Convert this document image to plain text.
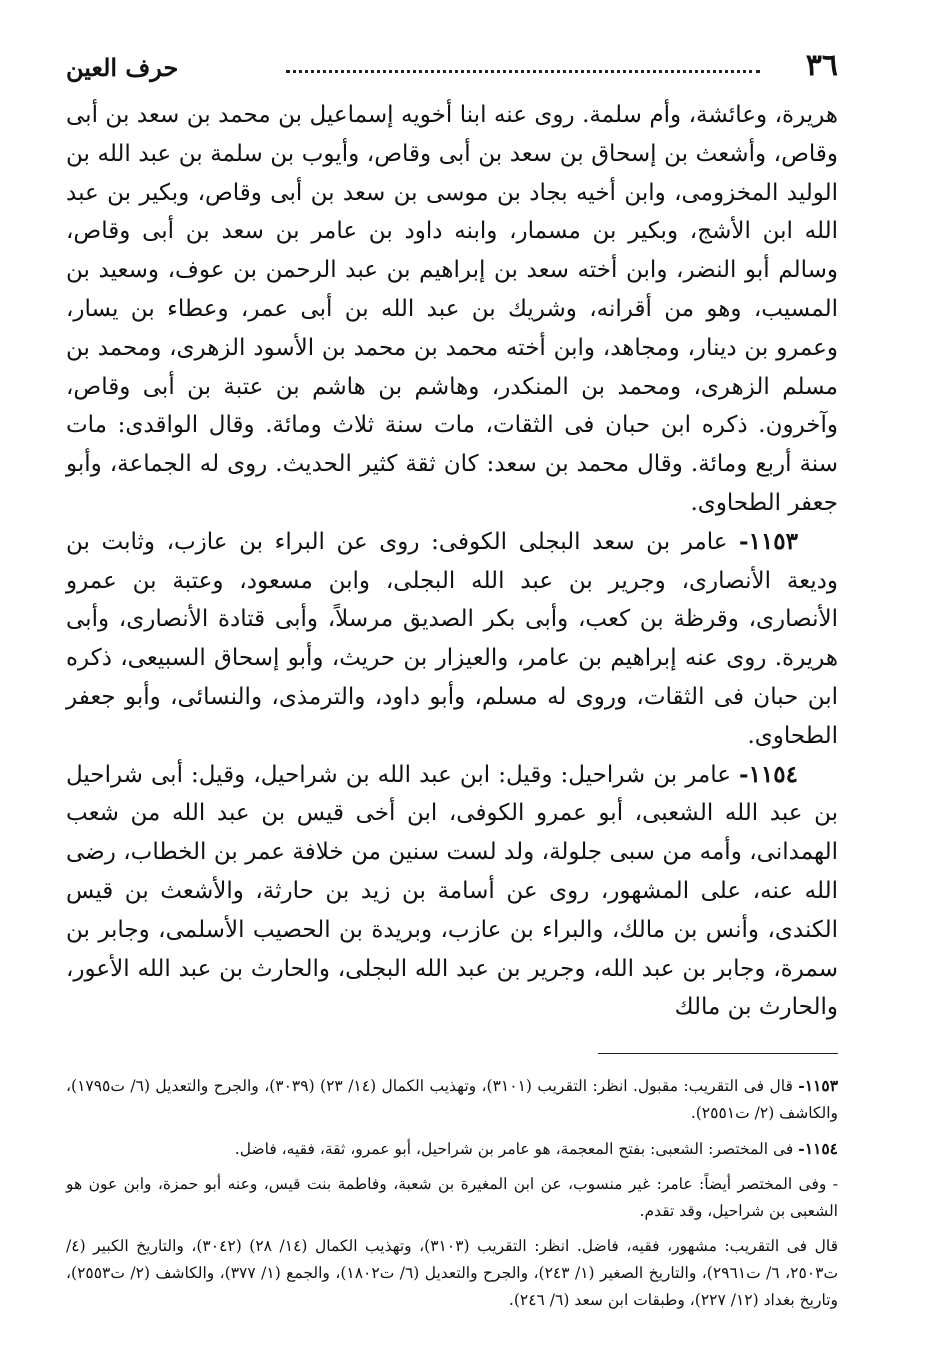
٣٦
حرف العين

هريرة، وعائشة، وأم سلمة. روى عنه ابنا أخويه إسماعيل بن محمد بن سعد بن أبى وقاص، وأشعث بن إسحاق بن سعد بن أبى وقاص، وأيوب بن سلمة بن عبد الله بن الوليد المخزومى، وابن أخيه بجاد بن موسى بن سعد بن أبى وقاص، وبكير بن عبد الله ابن الأشج، وبكير بن مسمار، وابنه داود بن عامر بن سعد بن أبى وقاص، وسالم أبو النضر، وابن أخته سعد بن إبراهيم بن عبد الرحمن بن عوف، وسعيد بن المسيب، وهو من أقرانه، وشريك بن عبد الله بن أبى عمر، وعطاء بن يسار، وعمرو بن دينار، ومجاهد، وابن أخته محمد بن محمد بن الأسود الزهرى، ومحمد بن مسلم الزهرى، ومحمد بن المنكدر، وهاشم بن هاشم بن عتبة بن أبى وقاص، وآخرون. ذكره ابن حبان فى الثقات، مات سنة ثلاث ومائة. وقال الواقدى: مات سنة أربع ومائة. وقال محمد بن سعد: كان ثقة كثير الحديث. روى له الجماعة، وأبو جعفر الطحاوى.

١١٥٣- عامر بن سعد البجلى الكوفى: روى عن البراء بن عازب، وثابت بن وديعة الأنصارى، وجرير بن عبد الله البجلى، وابن مسعود، وعتبة بن عمرو الأنصارى، وقرظة بن كعب، وأبى بكر الصديق مرسلاً، وأبى قتادة الأنصارى، وأبى هريرة. روى عنه إبراهيم بن عامر، والعيزار بن حريث، وأبو إسحاق السبيعى، ذكره ابن حبان فى الثقات، وروى له مسلم، وأبو داود، والترمذى، والنسائى، وأبو جعفر الطحاوى.

١١٥٤- عامر بن شراحيل: وقيل: ابن عبد الله بن شراحيل، وقيل: أبى شراحيل بن عبد الله الشعبى، أبو عمرو الكوفى، ابن أخى قيس بن عبد الله من شعب الهمدانى، وأمه من سبى جلولة، ولد لست سنين من خلافة عمر بن الخطاب، رضى الله عنه، على المشهور، روى عن أسامة بن زيد بن حارثة، والأشعث بن قيس الكندى، وأنس بن مالك، والبراء بن عازب، وبريدة بن الحصيب الأسلمى، وجابر بن سمرة، وجابر بن عبد الله، وجرير بن عبد الله البجلى، والحارث بن عبد الله الأعور، والحارث بن مالك

١١٥٣- قال فى التقريب: مقبول. انظر: التقريب (٣١٠١)، وتهذيب الكمال (١٤/ ٢٣) (٣٠٣٩)، والجرح والتعديل (٦/ ت١٧٩٥)، والكاشف (٢/ ت٢٥٥١).

١١٥٤- فى المختصر: الشعبى: بفتح المعجمة، هو عامر بن شراحيل، أبو عمرو، ثقة، فقيه، فاضل.

- وفى المختصر أيضاً: عامر: غير منسوب، عن ابن المغيرة بن شعبة، وفاطمة بنت قيس، وعنه أبو حمزة، وابن عون هو الشعبى بن شراحيل، وقد تقدم.

قال فى التقريب: مشهور، فقيه، فاضل. انظر: التقريب (٣١٠٣)، وتهذيب الكمال (١٤/ ٢٨) (٣٠٤٢)، والتاريخ الكبير (٤/ ت٢٥٠٣، ٦/ ت٢٩٦١)، والتاريخ الصغير (١/ ٢٤٣)، والجرح والتعديل (٦/ ت١٨٠٢)، والجمع (١/ ٣٧٧)، والكاشف (٢/ ت٢٥٥٣)، وتاريخ بغداد (١٢/ ٢٢٧)، وطبقات ابن سعد (٦/ ٢٤٦).
